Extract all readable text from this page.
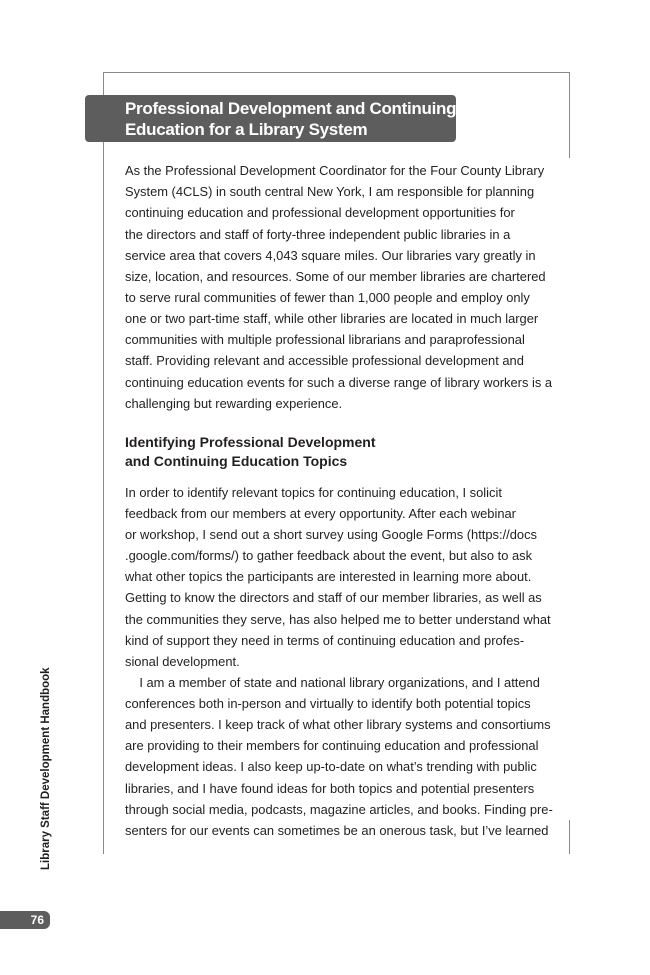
Professional Development and Continuing
Education for a Library System
As the Professional Development Coordinator for the Four County Library
System (4CLS) in south central New York, I am responsible for planning
continuing education and professional development opportunities for
the directors and staff of forty-three independent public libraries in a
service area that covers 4,043 square miles. Our libraries vary greatly in
size, location, and resources. Some of our member libraries are chartered
to serve rural communities of fewer than 1,000 people and employ only
one or two part-time staff, while other libraries are located in much larger
communities with multiple professional librarians and paraprofessional
staff. Providing relevant and accessible professional development and
continuing education events for such a diverse range of library workers is a
challenging but rewarding experience.
Identifying Professional Development
and Continuing Education Topics
In order to identify relevant topics for continuing education, I solicit
feedback from our members at every opportunity. After each webinar
or workshop, I send out a short survey using Google Forms (https://docs
.google.com/forms/) to gather feedback about the event, but also to ask
what other topics the participants are interested in learning more about.
Getting to know the directors and staff of our member libraries, as well as
the communities they serve, has also helped me to better understand what
kind of support they need in terms of continuing education and profes-
sional development.
I am a member of state and national library organizations, and I attend
conferences both in-person and virtually to identify both potential topics
and presenters. I keep track of what other library systems and consortiums
are providing to their members for continuing education and professional
development ideas. I also keep up-to-date on what’s trending with public
libraries, and I have found ideas for both topics and potential presenters
through social media, podcasts, magazine articles, and books. Finding pre-
senters for our events can sometimes be an onerous task, but I’ve learned
Library Staff Development Handbook
76
